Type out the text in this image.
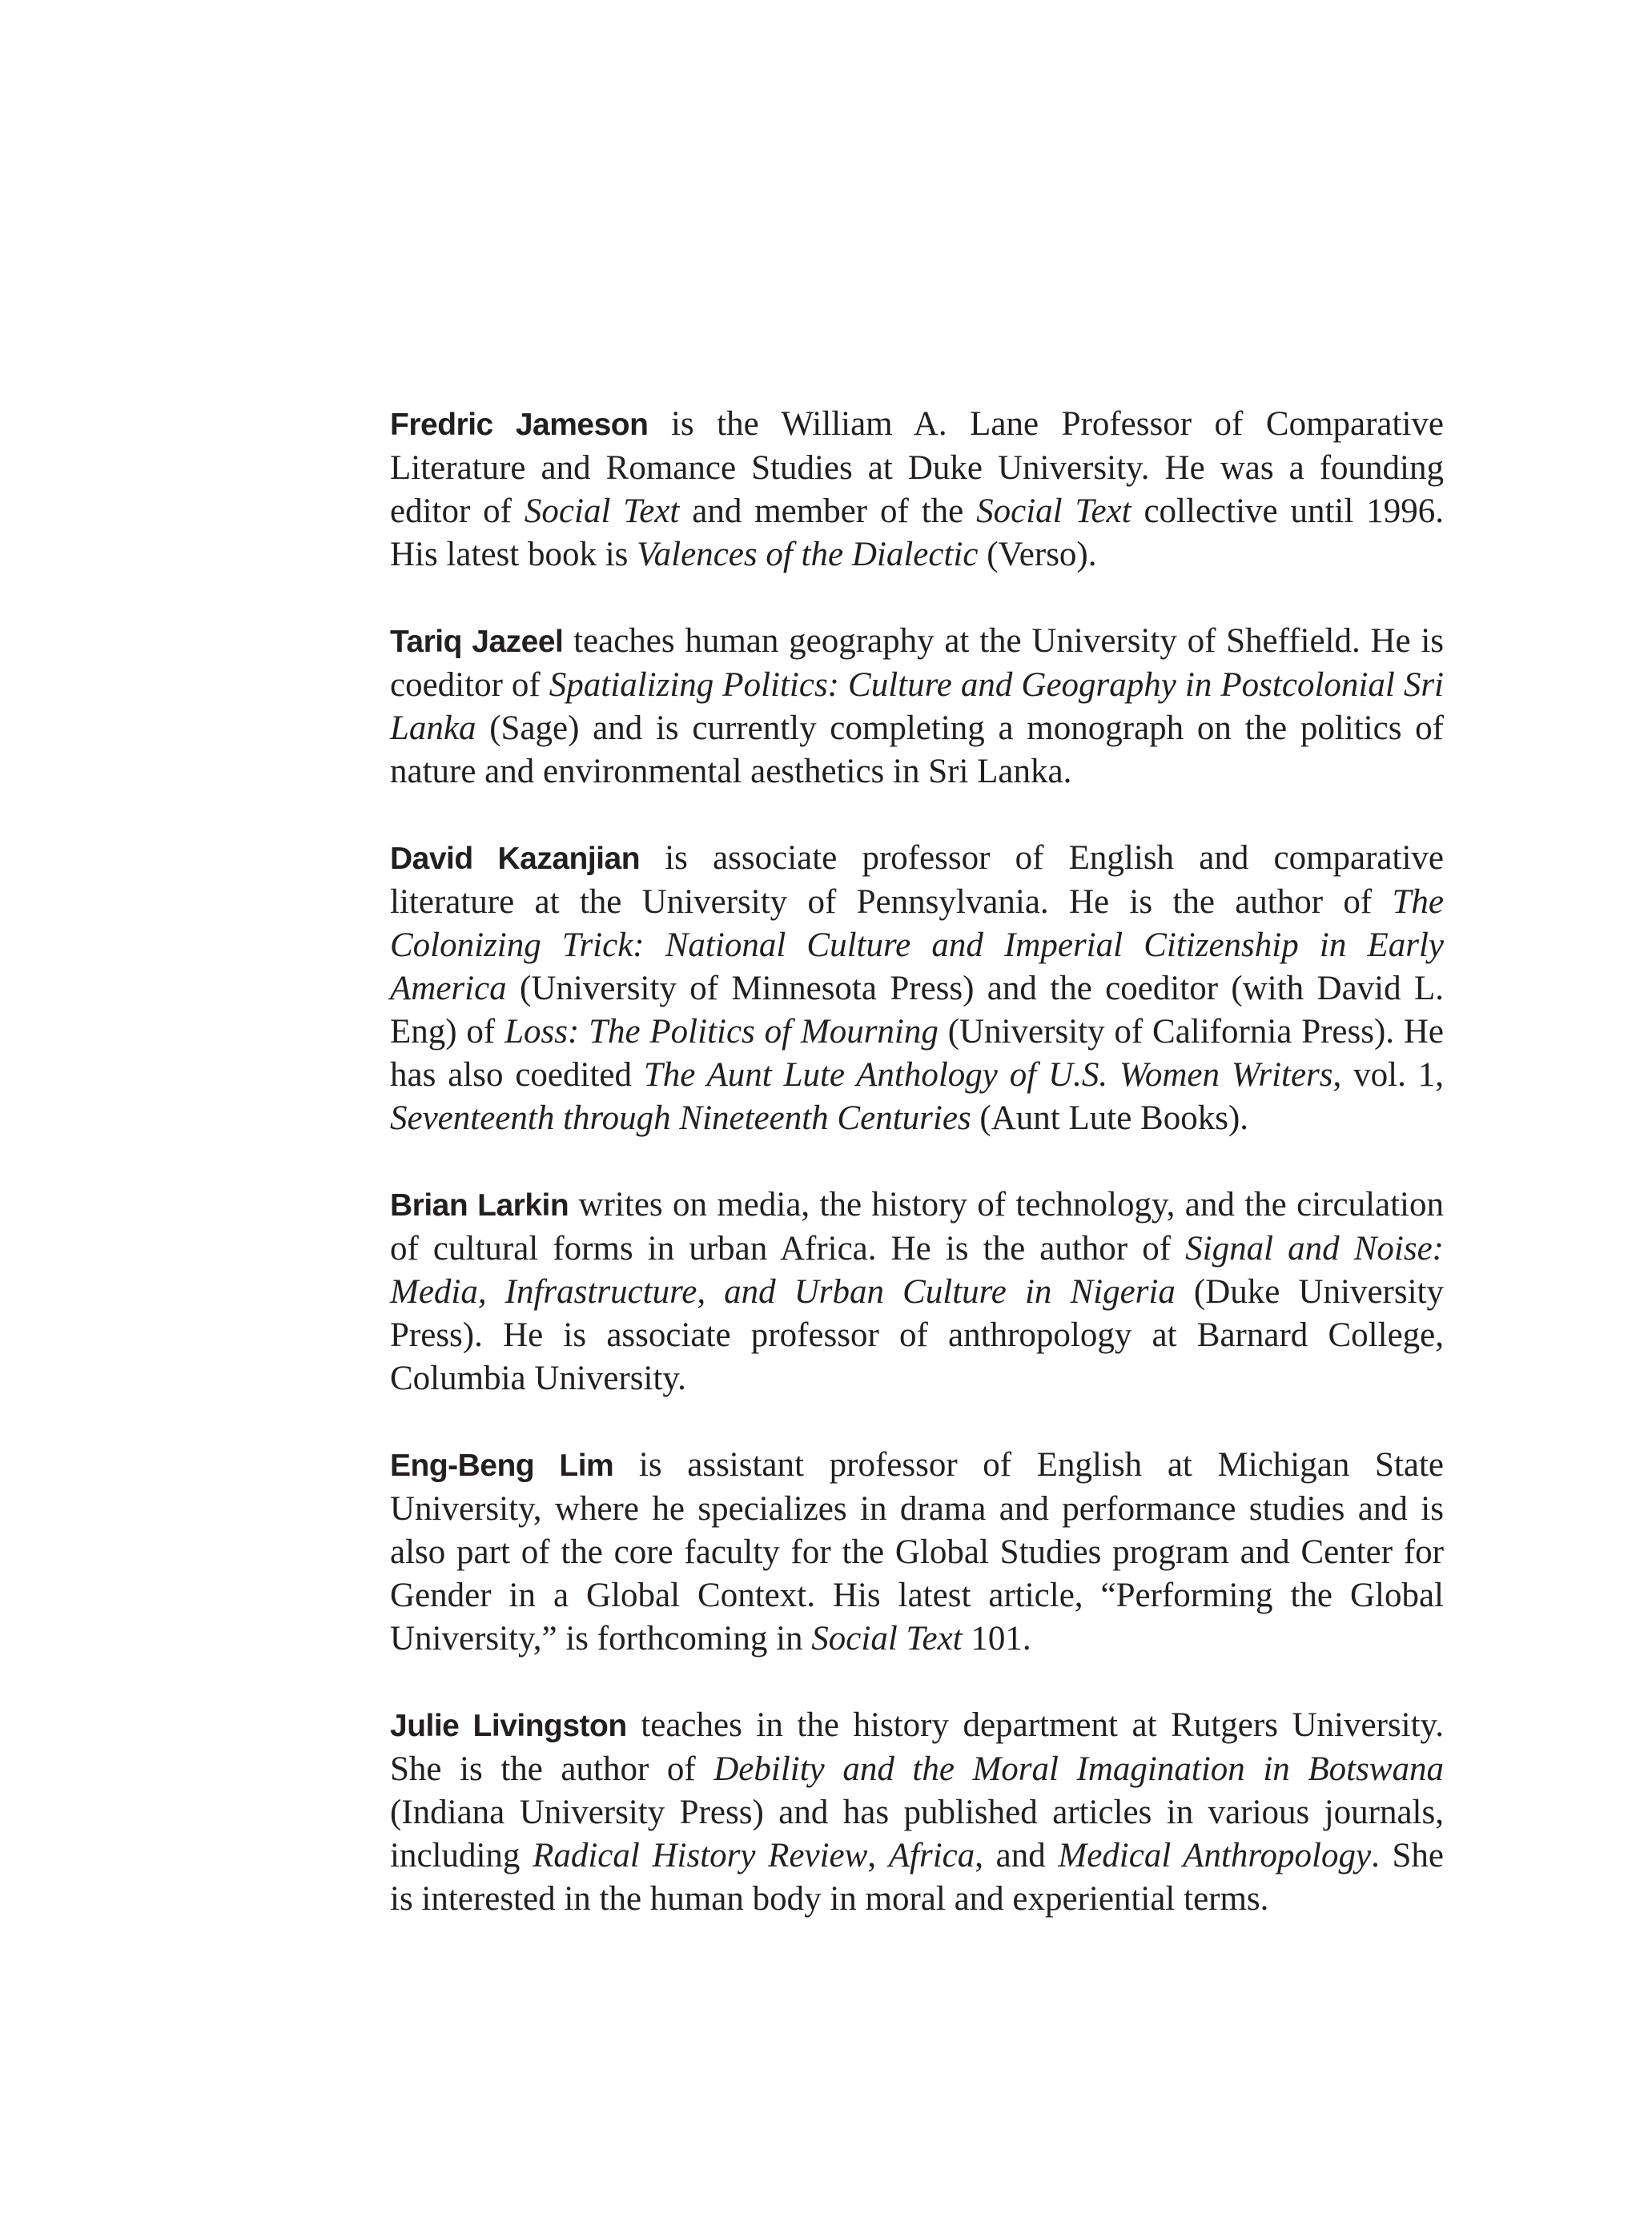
Fredric Jameson is the William A. Lane Professor of Comparative Literature and Romance Studies at Duke University. He was a founding editor of Social Text and member of the Social Text collective until 1996. His latest book is Valences of the Dialectic (Verso).

Tariq Jazeel teaches human geography at the University of Sheffield. He is coeditor of Spatializing Politics: Culture and Geography in Postcolonial Sri Lanka (Sage) and is currently completing a monograph on the politics of nature and environmental aesthetics in Sri Lanka.

David Kazanjian is associate professor of English and comparative literature at the University of Pennsylvania. He is the author of The Colonizing Trick: National Culture and Imperial Citizenship in Early America (University of Minnesota Press) and the coeditor (with David L. Eng) of Loss: The Politics of Mourning (University of California Press). He has also coedited The Aunt Lute Anthology of U.S. Women Writers, vol. 1, Seventeenth through Nineteenth Centuries (Aunt Lute Books).

Brian Larkin writes on media, the history of technology, and the circulation of cultural forms in urban Africa. He is the author of Signal and Noise: Media, Infrastructure, and Urban Culture in Nigeria (Duke University Press). He is associate professor of anthropology at Barnard College, Columbia University.

Eng-Beng Lim is assistant professor of English at Michigan State University, where he specializes in drama and performance studies and is also part of the core faculty for the Global Studies program and Center for Gender in a Global Context. His latest article, “Performing the Global University,” is forthcoming in Social Text 101.

Julie Livingston teaches in the history department at Rutgers University. She is the author of Debility and the Moral Imagination in Botswana (Indiana University Press) and has published articles in various journals, including Radical History Review, Africa, and Medical Anthropology. She is interested in the human body in moral and experiential terms.
